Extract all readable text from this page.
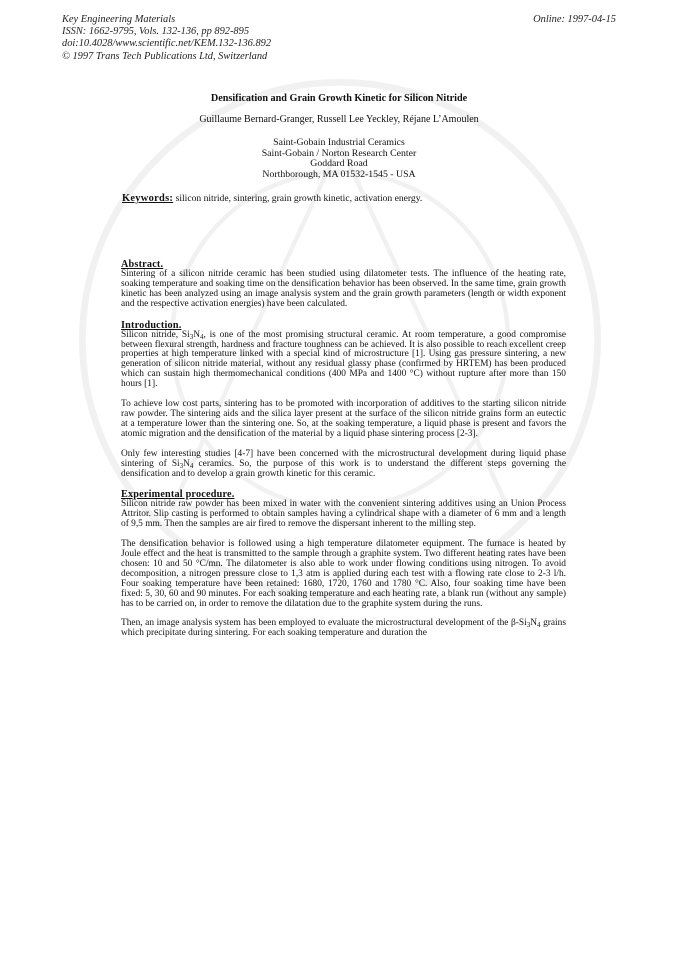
Key Engineering Materials
ISSN: 1662-9795, Vols. 132-136, pp 892-895
doi:10.4028/www.scientific.net/KEM.132-136.892
© 1997 Trans Tech Publications Ltd, Switzerland
Online: 1997-04-15
Densification and Grain Growth Kinetic for Silicon Nitride
Guillaume Bernard-Granger, Russell Lee Yeckley, Réjane L’Amoulen
Saint-Gobain Industrial Ceramics
Saint-Gobain / Norton Research Center
Goddard Road
Northborough, MA 01532-1545 - USA
Keywords: silicon nitride, sintering, grain growth kinetic, activation energy.
Abstract.

Sintering of a silicon nitride ceramic has been studied using dilatometer tests. The influence of the heating rate, soaking temperature and soaking time on the densification behavior has been observed. In the same time, grain growth kinetic has been analyzed using an image analysis system and the grain growth parameters (length or width exponent and the respective activation energies) have been calculated.

Introduction.

Silicon nitride, $Si_3N_4$, is one of the most promising structural ceramic. At room temperature, a good compromise between flexural strength, hardness and fracture toughness can be achieved. It is also possible to reach excellent creep properties at high temperature linked with a special kind of microstructure [1]. Using gas pressure sintering, a new generation of silicon nitride material, without any residual glassy phase (confirmed by HRTEM) has been produced which can sustain high thermomechanical conditions (400 MPa and 1400 °C) without rupture after more than 150 hours [1].

To achieve low cost parts, sintering has to be promoted with incorporation of additives to the starting silicon nitride raw powder. The sintering aids and the silica layer present at the surface of the silicon nitride grains form an eutectic at a temperature lower than the sintering one. So, at the soaking temperature, a liquid phase is present and favors the atomic migration and the densification of the material by a liquid phase sintering process [2-3].

Only few interesting studies [4-7] have been concerned with the microstructural development during liquid phase sintering of $Si_3N_4$ ceramics. So, the purpose of this work is to understand the different steps governing the densification and to develop a grain growth kinetic for this ceramic.

Experimental procedure.

Silicon nitride raw powder has been mixed in water with the convenient sintering additives using an Union Process Attritor. Slip casting is performed to obtain samples having a cylindrical shape with a diameter of 6 mm and a length of 9,5 mm. Then the samples are air fired to remove the dispersant inherent to the milling step.

The densification behavior is followed using a high temperature dilatometer equipment. The furnace is heated by Joule effect and the heat is transmitted to the sample through a graphite system. Two different heating rates have been chosen: 10 and 50 °C/mn. The dilatometer is also able to work under flowing conditions using nitrogen. To avoid decomposition, a nitrogen pressure close to 1,3 atm is applied during each test with a flowing rate close to 2-3 l/h. Four soaking temperature have been retained: 1680, 1720, 1760 and 1780 °C. Also, four soaking time have been fixed: 5, 30, 60 and 90 minutes. For each soaking temperature and each heating rate, a blank run (without any sample) has to be carried on, in order to remove the dilatation due to the graphite system during the runs.

Then, an image analysis system has been employed to evaluate the microstructural development of the $\beta-Si_3N_4$ grains which precipitate during sintering. For each soaking temperature and duration the
